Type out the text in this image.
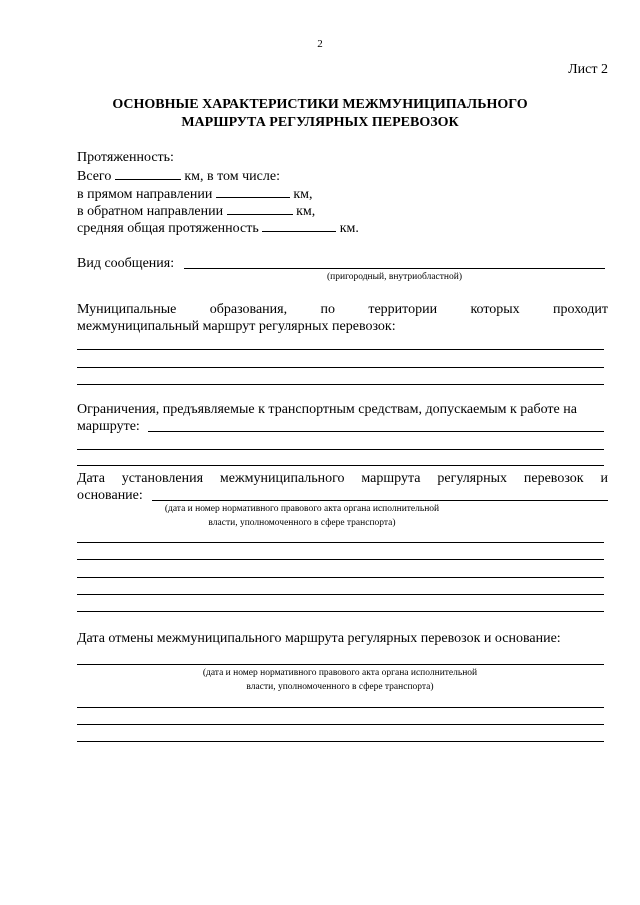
2
Лист 2
ОСНОВНЫЕ ХАРАКТЕРИСТИКИ МЕЖМУНИЦИПАЛЬНОГО
МАРШРУТА РЕГУЛЯРНЫХ ПЕРЕВОЗОК
Протяженность:
Всего	км, в том числе:
в прямом направлении	км,
в обратном направлении	км,
средняя общая протяженность	км.
Вид сообщения:
(пригородный, внутриобластной)
Муниципальные образования, по территории которых проходит
межмуниципальный маршрут регулярных перевозок:
Ограничения, предъявляемые к транспортным средствам, допускаемым к работе на
маршруте:
Дата установления межмуниципального маршрута регулярных перевозок и
основание:
(дата и номер нормативного правового акта органа исполнительной
власти, уполномоченного в сфере транспорта)
Дата отмены межмуниципального маршрута регулярных перевозок и основание:
(дата и номер нормативного правового акта органа исполнительной
власти, уполномоченного в сфере транспорта)
